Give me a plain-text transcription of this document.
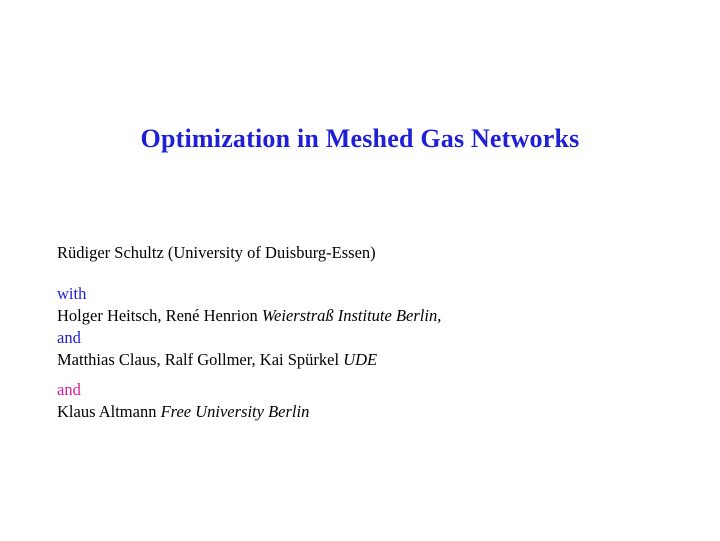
Optimization in Meshed Gas Networks
Rüdiger Schultz (University of Duisburg-Essen)
with
Holger Heitsch, René Henrion Weierstraß Institute Berlin,
and
Matthias Claus, Ralf Gollmer, Kai Spürkel UDE
and
Klaus Altmann Free University Berlin
